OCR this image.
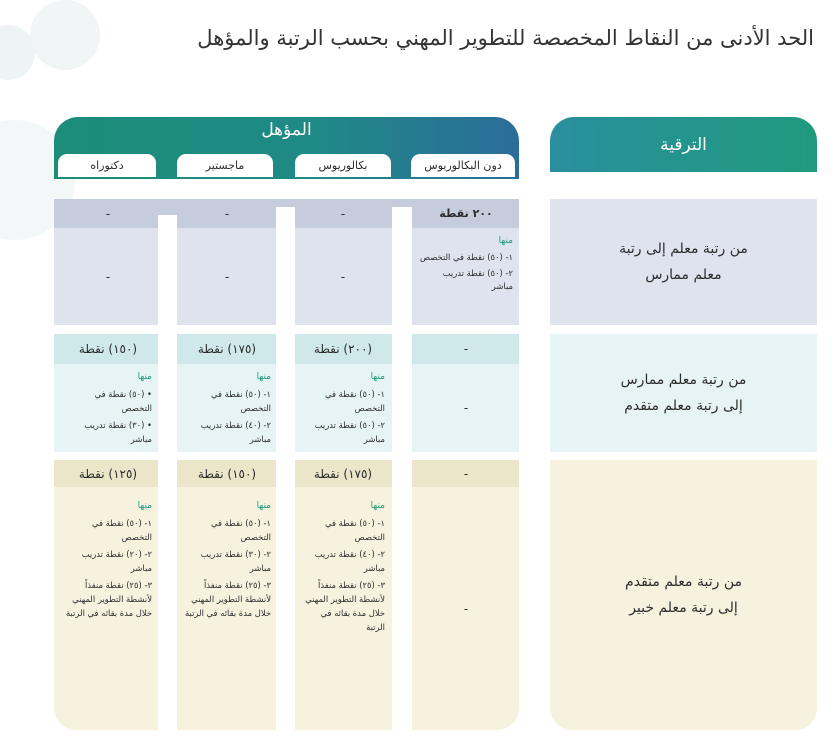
الحد الأدنى من النقاط المخصصة للتطوير المهني بحسب الرتبة والمؤهل
الترقية
المؤهل
دون البكالوريوس
بكالوريوس
ماجستير
دكتوراه
من رتبة معلم إلى رتبة
معلم ممارس
من رتبة معلم ممارس
إلى رتبة معلم متقدم
من رتبة معلم متقدم
إلى رتبة معلم خبير
٢٠٠ نقطة
-
-
-
منها
١- (٥٠) نقطة في التخصص
٢- (٥٠) نقطة تدريب مباشر
-
-
-
-
(٢٠٠) نقطة
(١٧٥) نقطة
(١٥٠) نقطة
-
منها
١- (٥٠) نقطة في التخصص
٢- (٥٠) نقطة تدريب مباشر
منها
١- (٥٠) نقطة في التخصص
٢- (٤٠) نقطة تدريب مباشر
منها
• (٥٠) نقطة في التخصص
• (٣٠) نقطة تدريب مباشر
-
(١٧٥) نقطة
(١٥٠) نقطة
(١٢٥) نقطة
-
منها
١- (٥٠) نقطة في التخصص
٢- (٤٠) نقطة تدريب مباشر
٣- (٢٥) نقطة منفذاً لأنشطة التطوير المهني خلال مدة بقائه في الرتبة
منها
١- (٥٠) نقطة في التخصص
٢- (٣٠) نقطة تدريب مباشر
٣- (٢٥) نقطة منفذاً لأنشطة التطوير المهني خلال مدة بقائه في الرتبة
منها
١- (٥٠) نقطة في التخصص
٢- (٢٠) نقطة تدريب مباشر
٣- (٢٥) نقطة منفذاً لأنشطة التطوير المهني خلال مدة بقائه في الرتبة
